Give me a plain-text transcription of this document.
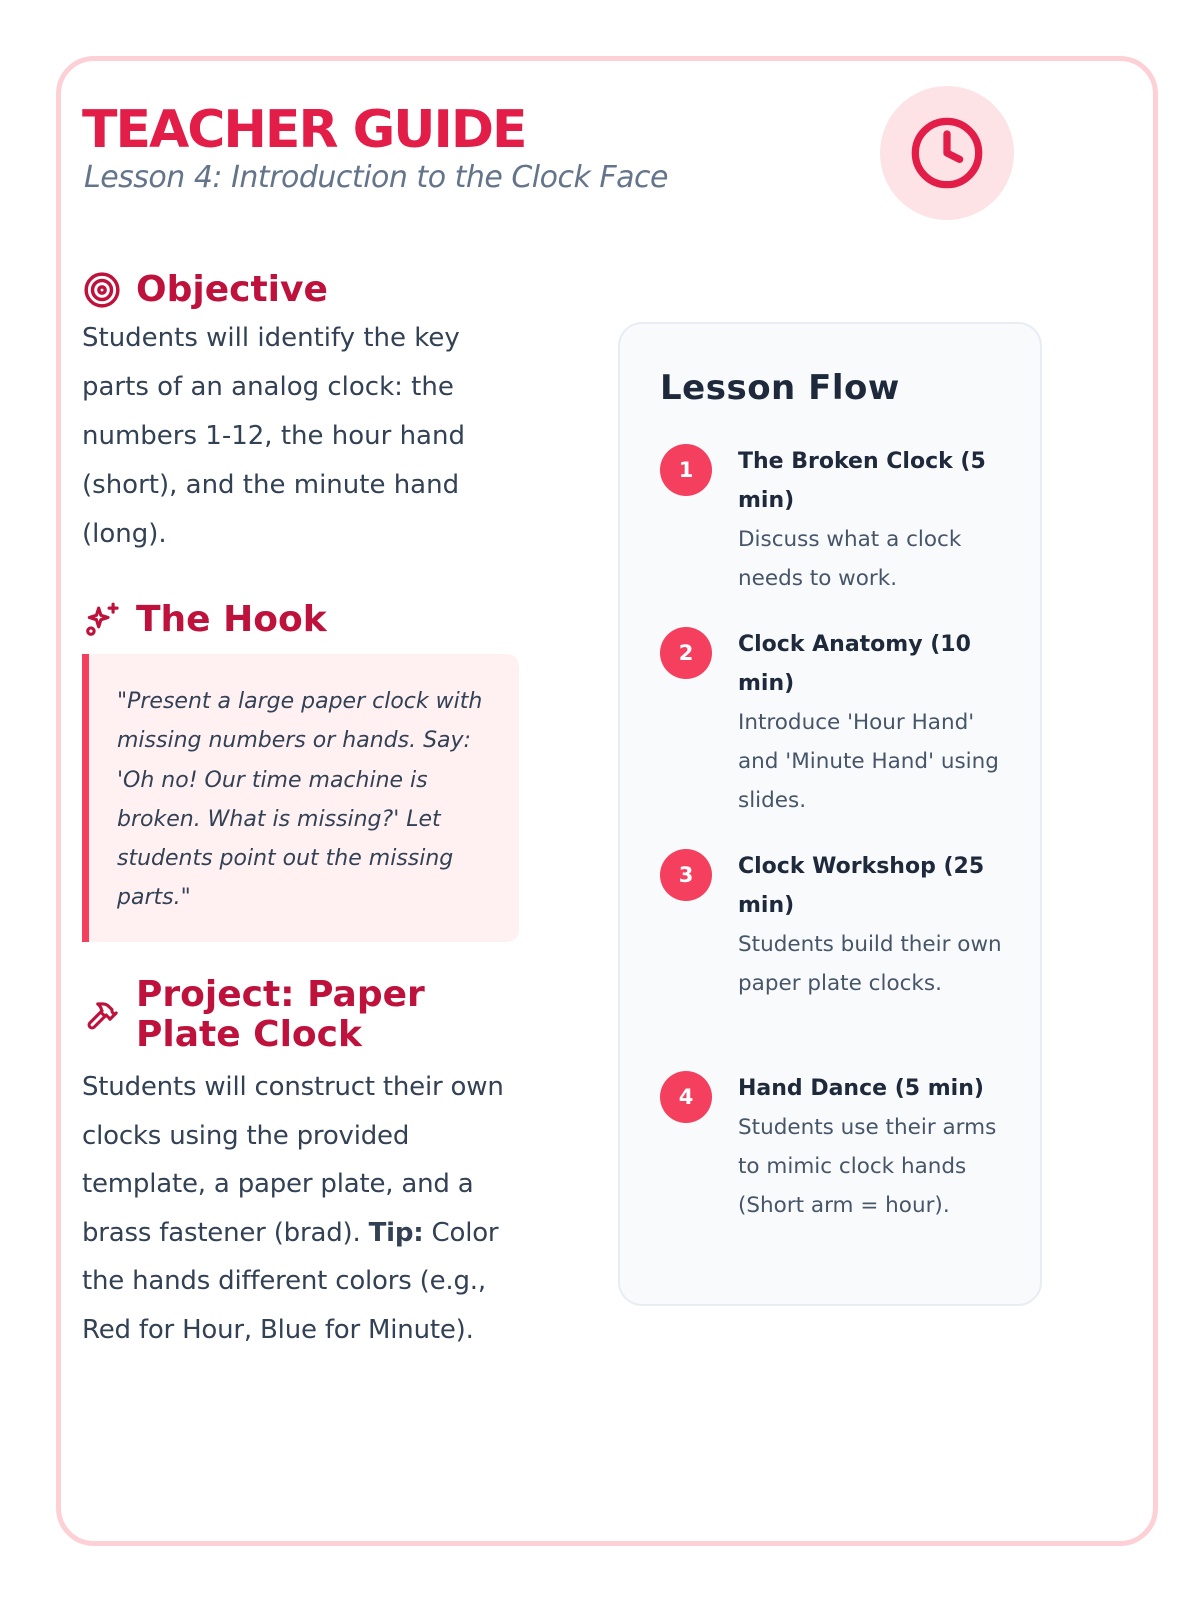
TEACHER GUIDE
Lesson 4: Introduction to the Clock Face
Objective

Students will identify the key parts of an analog clock: the numbers 1-12, the hour hand (short), and the minute hand (long).

The Hook
"Present a large paper clock with missing numbers or hands. Say: 'Oh no! Our time machine is broken. What is missing?' Let students point out the missing parts."
Project: Paper Plate Clock

Students will construct their own clocks using the provided template, a paper plate, and a brass fastener (brad). Tip: Color the hands different colors (e.g., Red for Hour, Blue for Minute).

Lesson Flow
1	The Broken Clock (5 min)
Discuss what a clock needs to work.
2	Clock Anatomy (10 min)
Introduce 'Hour Hand' and 'Minute Hand' using slides.
3	Clock Workshop (25 min)
Students build their own paper plate clocks.
4	Hand Dance (5 min)
Students use their arms to mimic clock hands (Short arm = hour).
